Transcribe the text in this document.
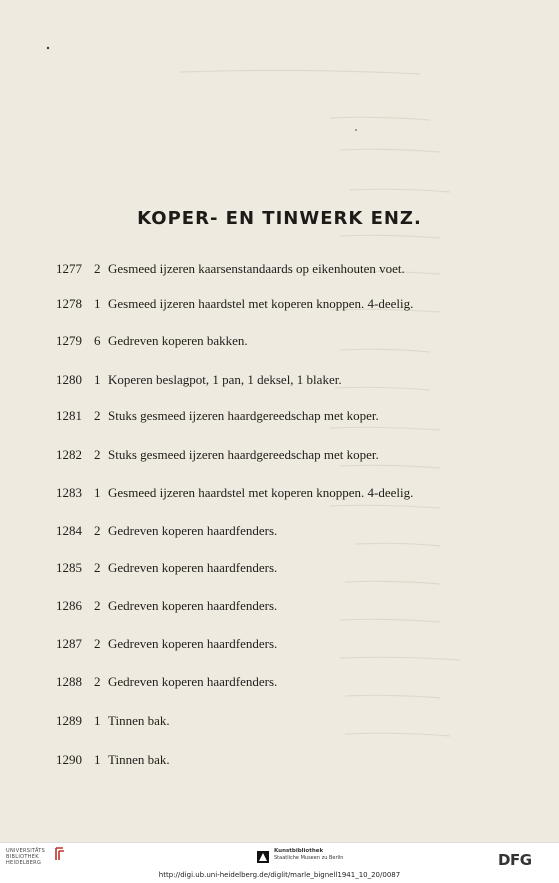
KOPER- EN TINWERK ENZ.
1277 2 Gesmeed ijzeren kaarsenstandaards op eikenhouten voet.
1278 1 Gesmeed ijzeren haardstel met koperen knoppen. 4-deelig.
1279 6 Gedreven koperen bakken.
1280 1 Koperen beslagpot, 1 pan, 1 deksel, 1 blaker.
1281 2 Stuks gesmeed ijzeren haardgereedschap met koper.
1282 2 Stuks gesmeed ijzeren haardgereedschap met koper.
1283 1 Gesmeed ijzeren haardstel met koperen knoppen. 4-deelig.
1284 2 Gedreven koperen haardfenders.
1285 2 Gedreven koperen haardfenders.
1286 2 Gedreven koperen haardfenders.
1287 2 Gedreven koperen haardfenders.
1288 2 Gedreven koperen haardfenders.
1289 1 Tinnen bak.
1290 1 Tinnen bak.
UNIVERSITÄTS
BIBLIOTHEK
HEIDELBERG
Kunstbibliothek
Staatliche Museen zu Berlin	DFG
http://digi.ub.uni-heidelberg.de/diglit/marle_bignell1941_10_20/0087
